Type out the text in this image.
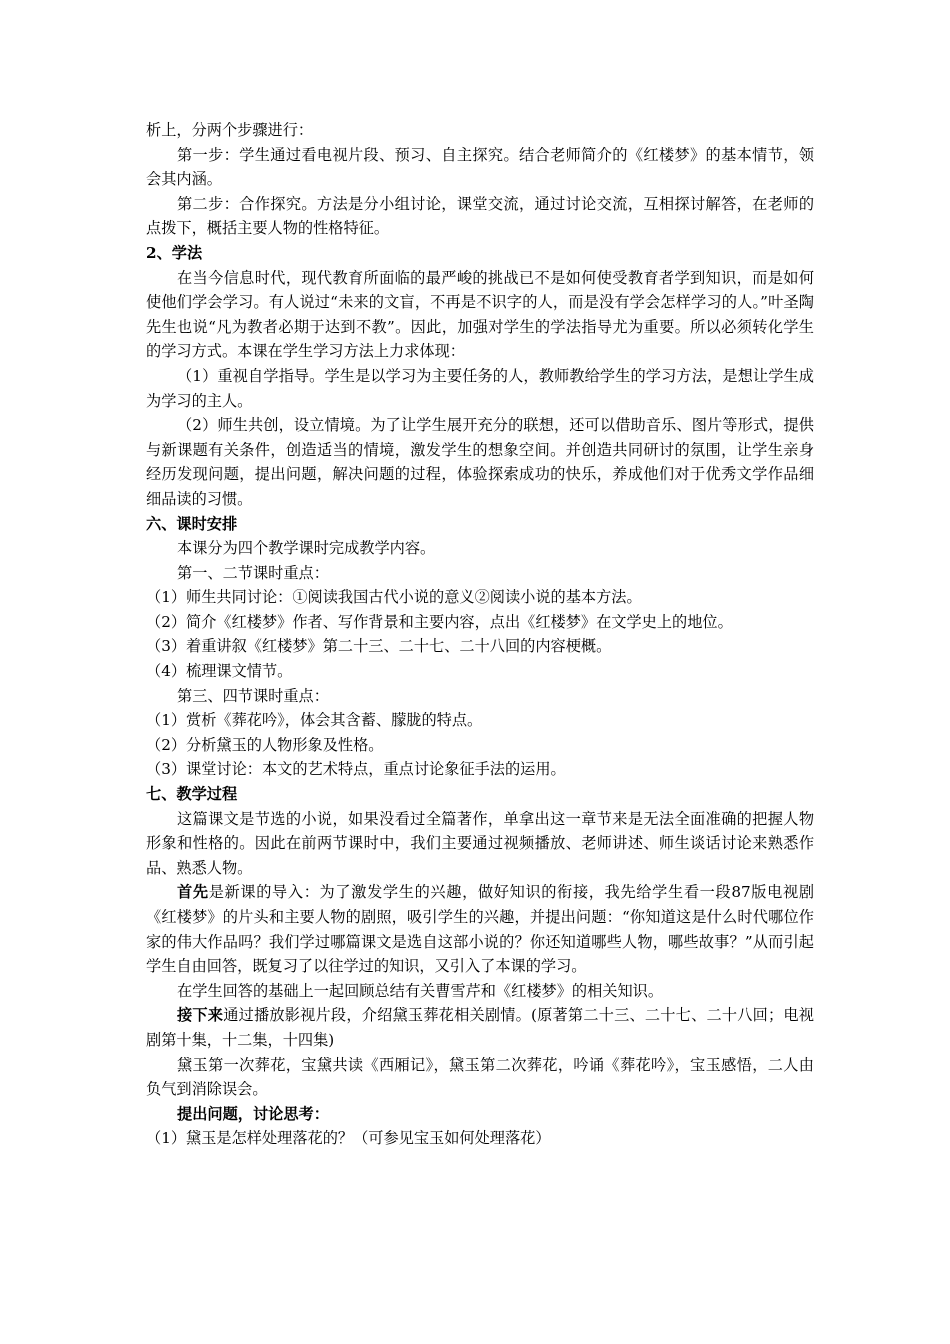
析上，分两个步骤进行：

第一步：学生通过看电视片段、预习、自主探究。结合老师简介的《红楼梦》的基本情节，领会其内涵。

第二步：合作探究。方法是分小组讨论，课堂交流，通过讨论交流，互相探讨解答，在老师的点拨下，概括主要人物的性格特征。

2、学法

在当今信息时代，现代教育所面临的最严峻的挑战已不是如何使受教育者学到知识，而是如何使他们学会学习。有人说过“未来的文盲，不再是不识字的人，而是没有学会怎样学习的人。”叶圣陶先生也说“凡为教者必期于达到不教”。因此，加强对学生的学法指导尤为重要。所以必须转化学生的学习方式。本课在学生学习方法上力求体现：

（1）重视自学指导。学生是以学习为主要任务的人，教师教给学生的学习方法，是想让学生成为学习的主人。

（2）师生共创，设立情境。为了让学生展开充分的联想，还可以借助音乐、图片等形式，提供与新课题有关条件，创造适当的情境，激发学生的想象空间。并创造共同研讨的氛围，让学生亲身经历发现问题，提出问题，解决问题的过程，体验探索成功的快乐，养成他们对于优秀文学作品细细品读的习惯。

六、课时安排

本课分为四个教学课时完成教学内容。

第一、二节课时重点：

（1）师生共同讨论：①阅读我国古代小说的意义②阅读小说的基本方法。

（2）简介《红楼梦》作者、写作背景和主要内容，点出《红楼梦》在文学史上的地位。

（3）着重讲叙《红楼梦》第二十三、二十七、二十八回的内容梗概。

（4）梳理课文情节。

第三、四节课时重点：

（1）赏析《葬花吟》，体会其含蓄、朦胧的特点。

（2）分析黛玉的人物形象及性格。

（3）课堂讨论：本文的艺术特点，重点讨论象征手法的运用。

七、教学过程

这篇课文是节选的小说，如果没看过全篇著作，单拿出这一章节来是无法全面准确的把握人物形象和性格的。因此在前两节课时中，我们主要通过视频播放、老师讲述、师生谈话讨论来熟悉作品、熟悉人物。

首先是新课的导入：为了激发学生的兴趣，做好知识的衔接，我先给学生看一段87版电视剧《红楼梦》的片头和主要人物的剧照，吸引学生的兴趣，并提出问题：“你知道这是什么时代哪位作家的伟大作品吗？我们学过哪篇课文是选自这部小说的？你还知道哪些人物，哪些故事？”从而引起学生自由回答，既复习了以往学过的知识，又引入了本课的学习。

在学生回答的基础上一起回顾总结有关曹雪芹和《红楼梦》的相关知识。

接下来通过播放影视片段，介绍黛玉葬花相关剧情。(原著第二十三、二十七、二十八回；电视剧第十集，十二集，十四集)

黛玉第一次葬花，宝黛共读《西厢记》，黛玉第二次葬花，吟诵《葬花吟》，宝玉感悟，二人由负气到消除误会。

提出问题，讨论思考：

（1）黛玉是怎样处理落花的？（可参见宝玉如何处理落花）
